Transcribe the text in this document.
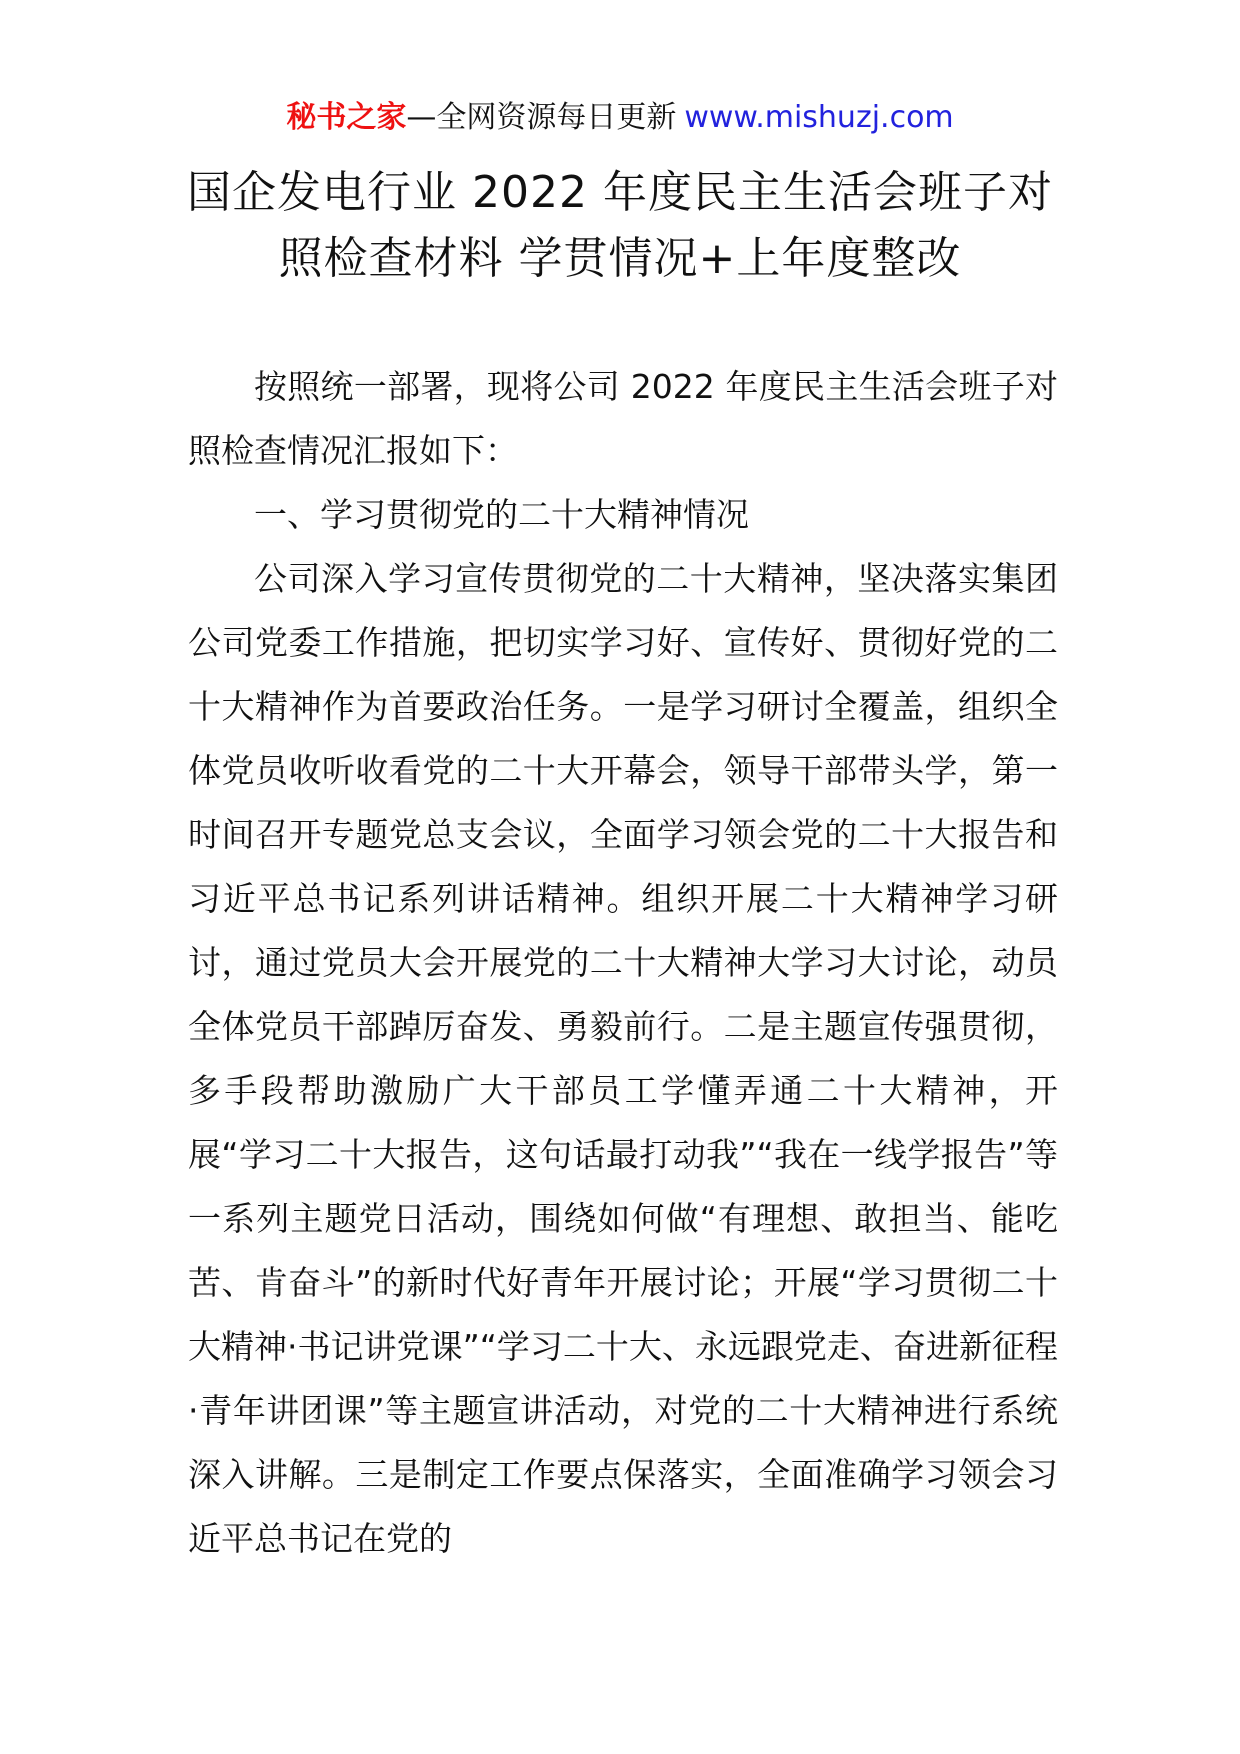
秘书之家—全网资源每日更新 www.mishuzj.com
国企发电行业 2022 年度民主生活会班子对
照检查材料 学贯情况+上年度整改

按照统一部署，现将公司 2022 年度民主生活会班子对照检查情况汇报如下：

一、学习贯彻党的二十大精神情况

公司深入学习宣传贯彻党的二十大精神，坚决落实集团公司党委工作措施，把切实学习好、宣传好、贯彻好党的二十大精神作为首要政治任务。一是学习研讨全覆盖，组织全体党员收听收看党的二十大开幕会，领导干部带头学，第一时间召开专题党总支会议，全面学习领会党的二十大报告和习近平总书记系列讲话精神。组织开展二十大精神学习研讨，通过党员大会开展党的二十大精神大学习大讨论，动员全体党员干部踔厉奋发、勇毅前行。二是主题宣传强贯彻，多手段帮助激励广大干部员工学懂弄通二十大精神，开展“学习二十大报告，这句话最打动我”“我在一线学报告”等一系列主题党日活动，围绕如何做“有理想、敢担当、能吃苦、肯奋斗”的新时代好青年开展讨论；开展“学习贯彻二十大精神·书记讲党课”“学习二十大、永远跟党走、奋进新征程·青年讲团课”等主题宣讲活动，对党的二十大精神进行系统深入讲解。三是制定工作要点保落实，全面准确学习领会习近平总书记在党的
